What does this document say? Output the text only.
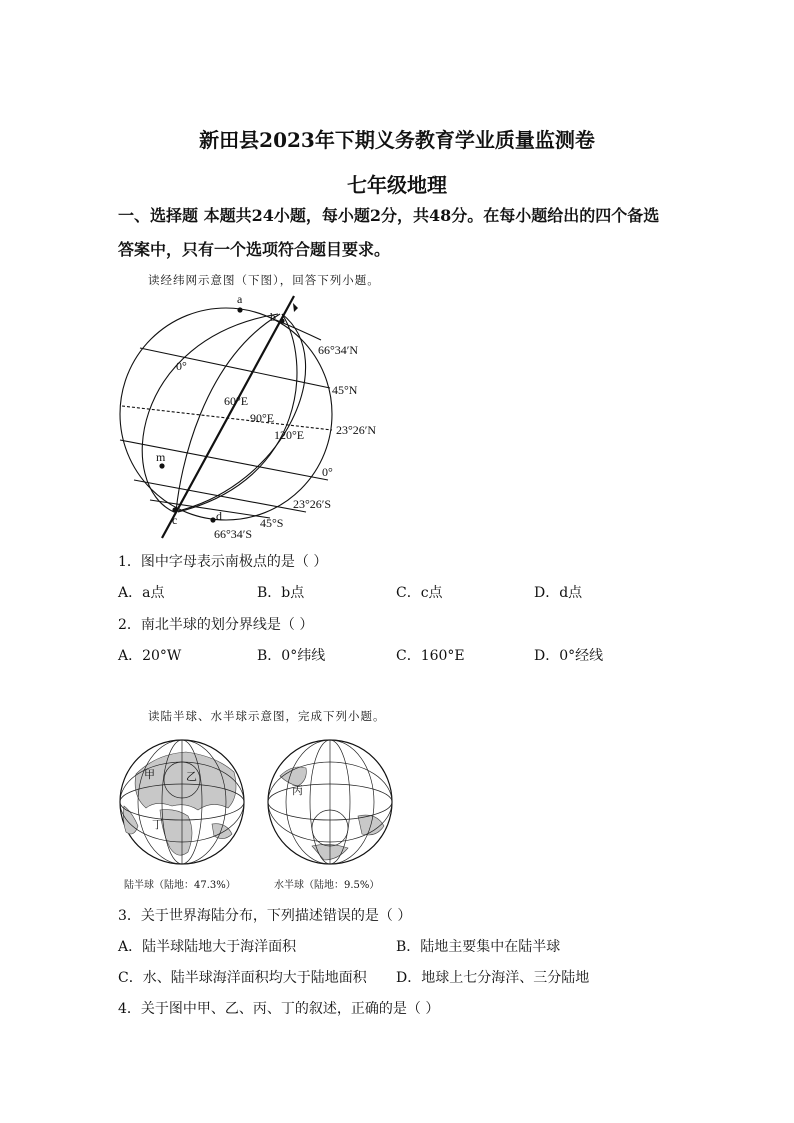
新田县2023年下期义务教育学业质量监测卷
七年级地理
一、选择题 本题共24小题，每小题2分，共48分。在每小题给出的四个备选
答案中，只有一个选项符合题目要求。
读经纬网示意图（下图），回答下列小题。
a
b
c	d
m
0°
60°E
90°E
120°E
66°34′N
45°N
23°26′N
0°
23°26′S
45°S
66°34′S
1．图中字母表示南极点的是（ ）
A．a点	B．b点	C．c点	D．d点
2．南北半球的划分界线是（ ）
A．20°W	B．0°纬线	C．160°E	D．0°经线
读陆半球、水半球示意图，完成下列小题。
甲	乙
丁
陆半球（陆地：47.3%）
丙
水半球（陆地：9.5%）
3．关于世界海陆分布，下列描述错误的是（ ）
A．陆半球陆地大于海洋面积	B．陆地主要集中在陆半球
C．水、陆半球海洋面积均大于陆地面积 D．地球上七分海洋、三分陆地
4．关于图中甲、乙、丙、丁的叙述，正确的是（ ）
